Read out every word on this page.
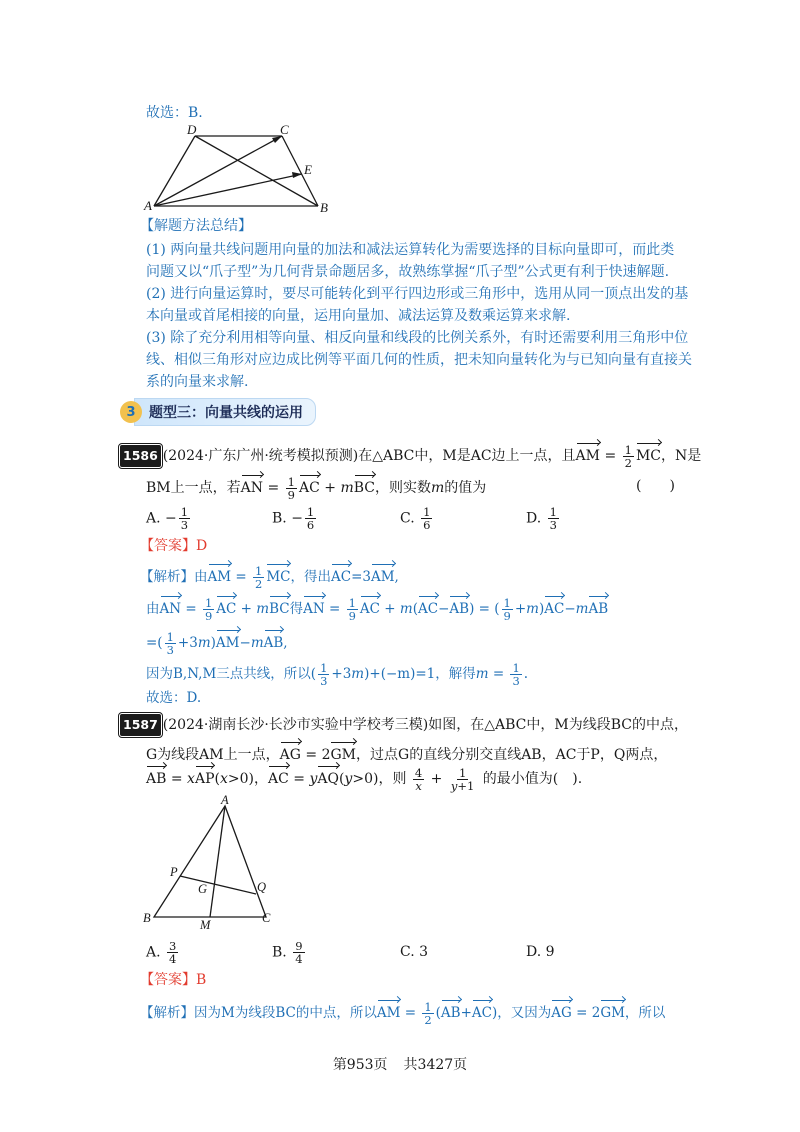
故选：B.
D	C
E
A	B
【解题方法总结】
(1) 两向量共线问题用向量的加法和减法运算转化为需要选择的目标向量即可，而此类
问题又以“爪子型”为几何背景命题居多，故熟练掌握“爪子型”公式更有利于快速解题.
(2) 进行向量运算时，要尽可能转化到平行四边形或三角形中，选用从同一顶点出发的基
本向量或首尾相接的向量，运用向量加、减法运算及数乘运算来求解.
(3) 除了充分利用相等向量、相反向量和线段的比例关系外，有时还需要利用三角形中位
线、相似三角形对应边成比例等平面几何的性质，把未知向量转化为与已知向量有直接关
系的向量来求解.
3 题型三：向量共线的运用
1586 (2024·广东广州·统考模拟预测)在△ABC中，M是AC边上一点，且AM = $\frac{1}{2}$ MC，N是
BM上一点，若AN = $\frac{1}{9}$ AC + mBC，则实数m的值为	(　　)
A. − $\frac{1}{3}$	B. − $\frac{1}{6}$	C. $\frac{1}{6}$	D. $\frac{1}{3}$
【答案】D
【解析】由AM = $\frac{1}{2}$ MC，得出AC=3AM,
由AN = $\frac{1}{9}$ AC + mBC得AN = $\frac{1}{9}$ AC + m(AC−AB) = ( $\frac{1}{9} +m)AC-mAB$
=( $\frac{1}{3} +3m)AM-mAB$,
因为B,N,M三点共线，所以( $\frac{1}{3} +3m)+(-m)=1$，解得$m = \frac{1}{3}$ .
故选：D.
1587 (2024·湖南长沙·长沙市实验中学校考三模)如图，在△ABC中，M为线段BC的中点，
G为线段AM上一点，AG = 2GM，过点G的直线分别交直线AB，AC于P，Q两点，
AB = xAP(x>0)，AC = yAQ(y>0)，则 $\frac{4}{x} + \frac{1}{y+1}$ 的最小值为(　).
A
P
G	Q
B	M	C
A. $\frac{3}{4}$	B. $\frac{9}{4}$	C. 3	D. 9
【答案】B
【解析】因为M为线段BC的中点，所以AM = $\frac{1}{2} (AB+AC)$，又因为AG = 2GM，所以
第953页 共3427页
